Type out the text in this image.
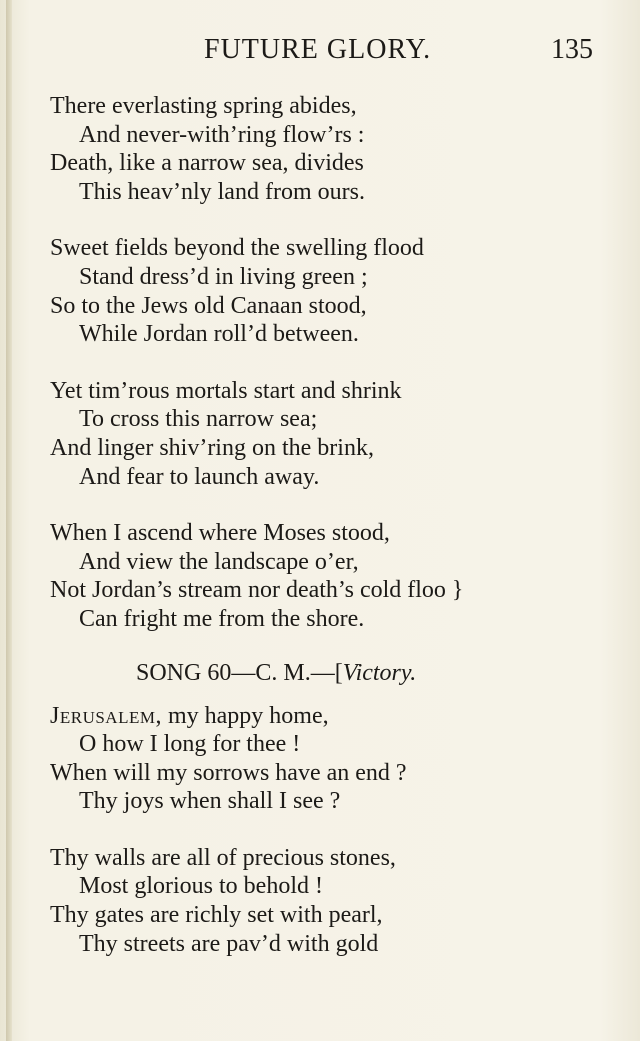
FUTURE GLORY.	135
There everlasting spring abides,
And never-with’ring flow’rs :
Death, like a narrow sea, divides
This heav’nly land from ours.
Sweet fields beyond the swelling flood
Stand dress’d in living green ;
So to the Jews old Canaan stood,
While Jordan roll’d between.
Yet tim’rous mortals start and shrink
To cross this narrow sea;
And linger shiv’ring on the brink,
And fear to launch away.
When I ascend where Moses stood,
And view the landscape o’er,
Not Jordan’s stream nor death’s cold floo }
Can fright me from the shore.
SONG 60—C. M.—[Victory.
Jerusalem, my happy home,
O how I long for thee !
When will my sorrows have an end ?
Thy joys when shall I see ?
Thy walls are all of precious stones,
Most glorious to behold !
Thy gates are richly set with pearl,
Thy streets are pav’d with gold
